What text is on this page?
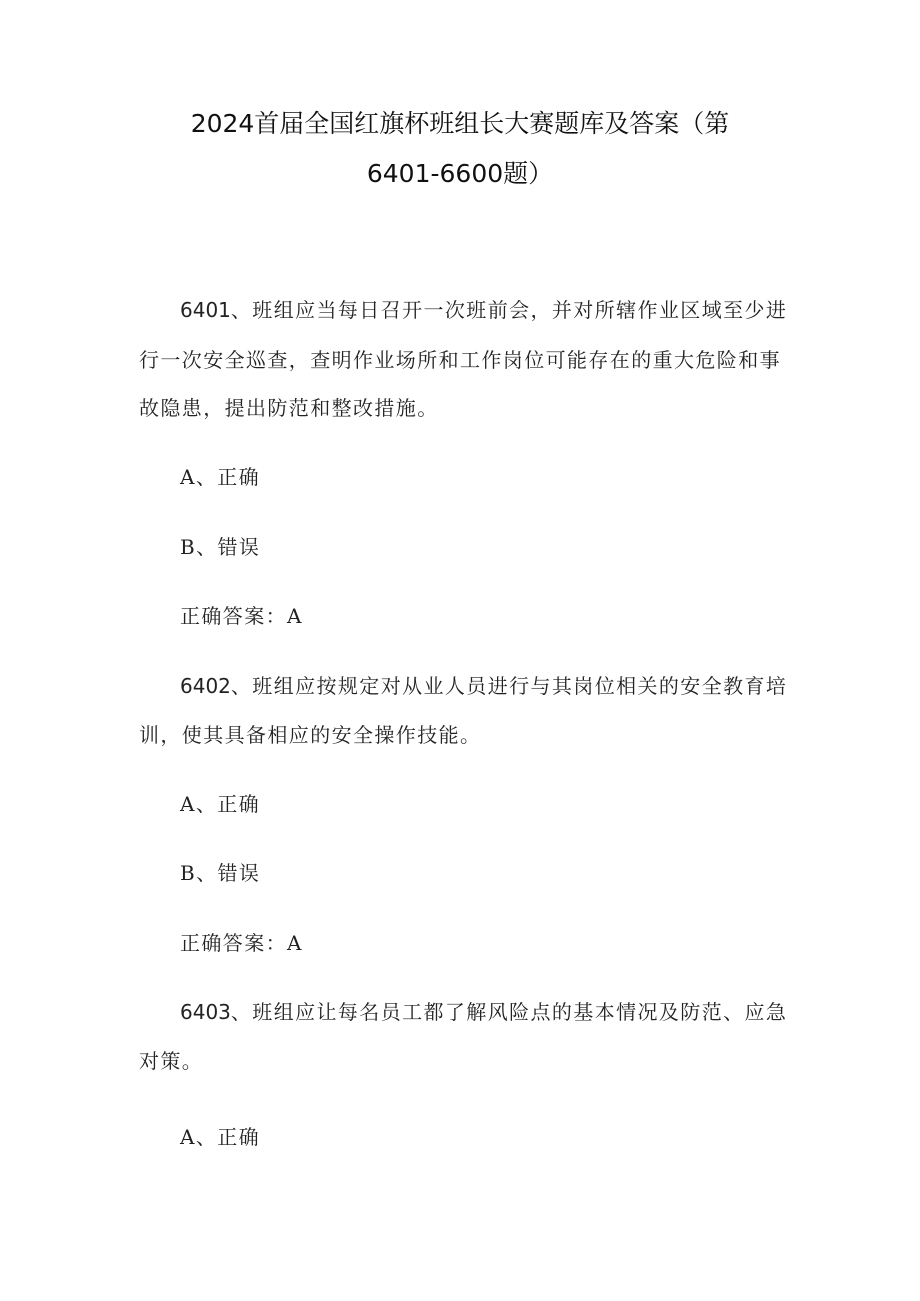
2024首届全国红旗杯班组长大赛题库及答案（第
6401-6600题）
6401、班组应当每日召开一次班前会，并对所辖作业区域至少进
行一次安全巡查，查明作业场所和工作岗位可能存在的重大危险和事
故隐患，提出防范和整改措施。
A、正确
B、错误
正确答案：A
6402、班组应按规定对从业人员进行与其岗位相关的安全教育培
训，使其具备相应的安全操作技能。
A、正确
B、错误
正确答案：A
6403、班组应让每名员工都了解风险点的基本情况及防范、应急
对策。
A、正确
